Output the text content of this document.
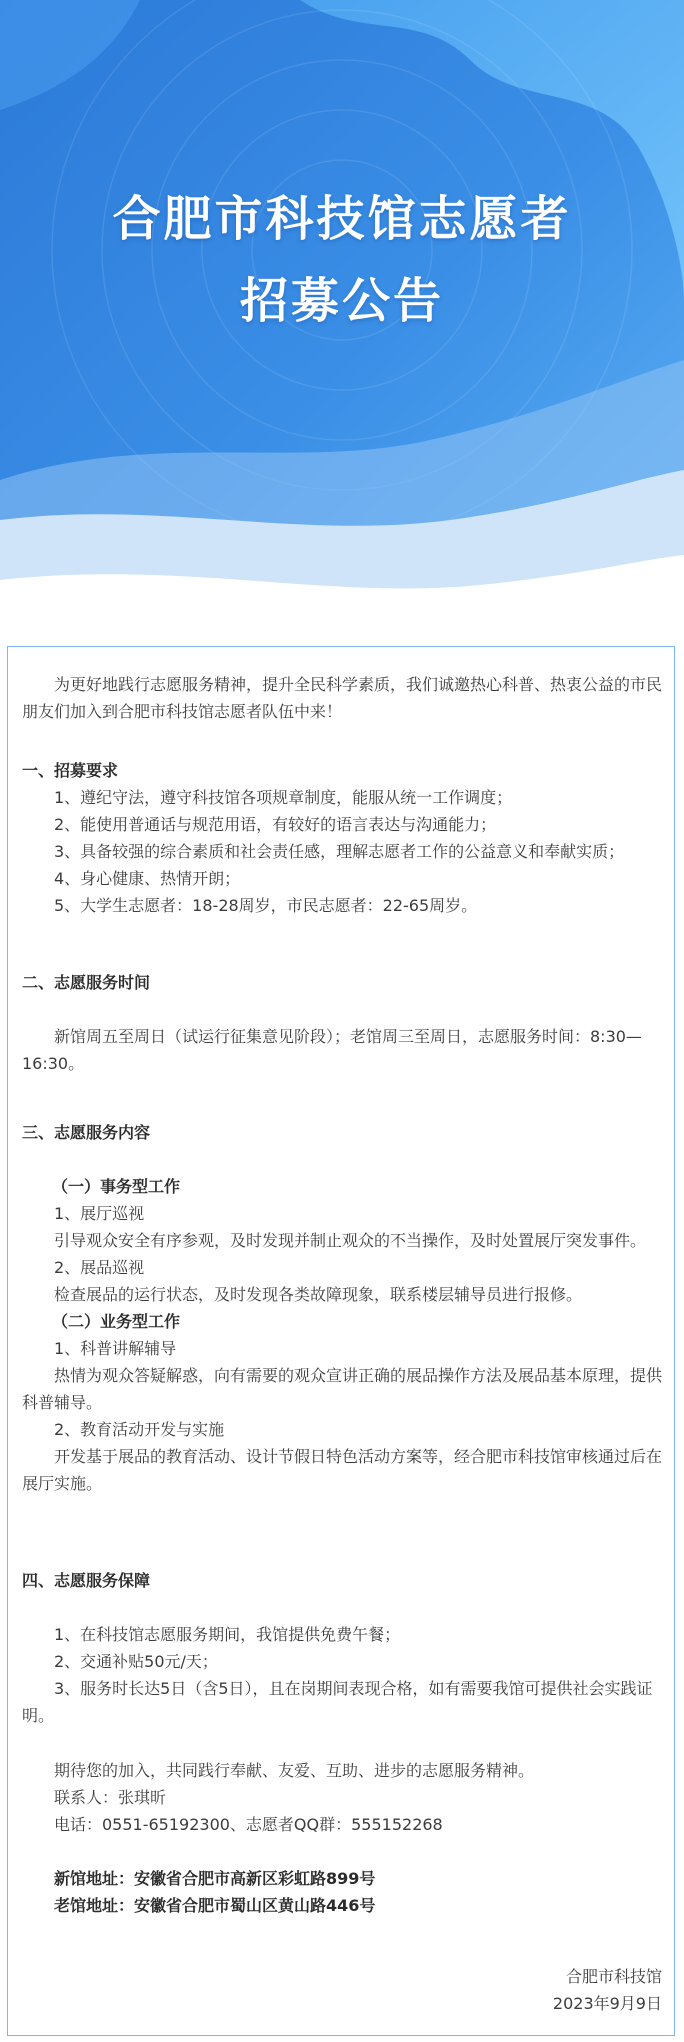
合肥市科技馆志愿者
招募公告

为更好地践行志愿服务精神，提升全民科学素质，我们诚邀热心科普、热衷公益的市民朋友们加入到合肥市科技馆志愿者队伍中来！

一、招募要求

1、遵纪守法，遵守科技馆各项规章制度，能服从统一工作调度；

2、能使用普通话与规范用语，有较好的语言表达与沟通能力；

3、具备较强的综合素质和社会责任感，理解志愿者工作的公益意义和奉献实质；

4、身心健康、热情开朗；

5、大学生志愿者：18-28周岁，市民志愿者：22-65周岁。

二、志愿服务时间

新馆周五至周日（试运行征集意见阶段）；老馆周三至周日，志愿服务时间：8:30—16:30。

三、志愿服务内容

（一）事务型工作

1、展厅巡视

引导观众安全有序参观，及时发现并制止观众的不当操作，及时处置展厅突发事件。

2、展品巡视

检查展品的运行状态，及时发现各类故障现象，联系楼层辅导员进行报修。

（二）业务型工作

1、科普讲解辅导

热情为观众答疑解惑，向有需要的观众宣讲正确的展品操作方法及展品基本原理，提供科普辅导。

2、教育活动开发与实施

开发基于展品的教育活动、设计节假日特色活动方案等，经合肥市科技馆审核通过后在展厅实施。

四、志愿服务保障

1、在科技馆志愿服务期间，我馆提供免费午餐；

2、交通补贴50元/天；

3、服务时长达5日（含5日），且在岗期间表现合格，如有需要我馆可提供社会实践证明。

期待您的加入，共同践行奉献、友爱、互助、进步的志愿服务精神。

联系人：张琪昕

电话：0551-65192300、志愿者QQ群：555152268

新馆地址：安徽省合肥市高新区彩虹路899号

老馆地址：安徽省合肥市蜀山区黄山路446号

合肥市科技馆

2023年9月9日
